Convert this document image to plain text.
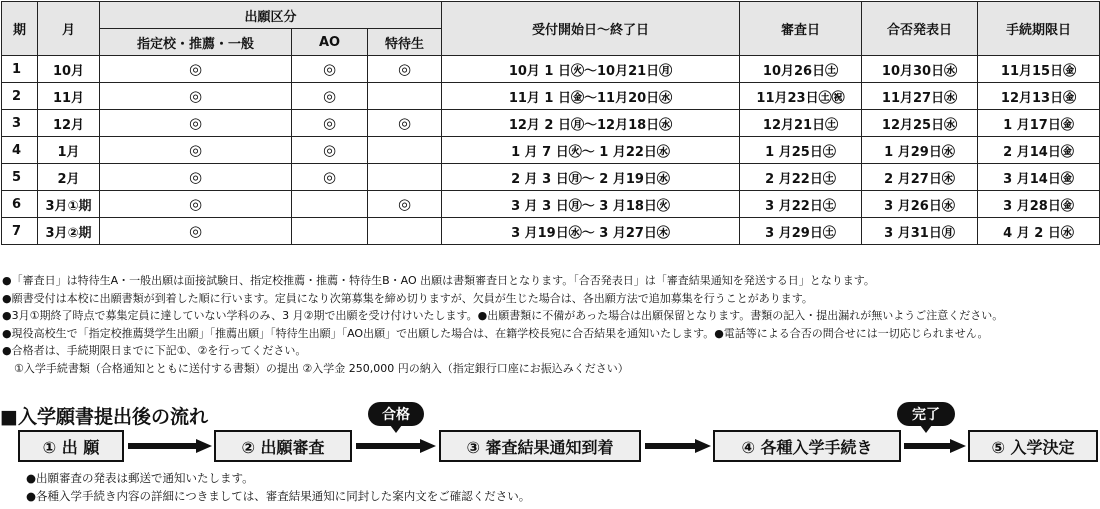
期	月	出願区分			受付開始日〜終了日	審査日	合否発表日	手続期限日
		指定校・推薦・一般	AO	特待生				
1	10月	◎	◎	◎	10月 1 日㊋〜10月21日㊊	10月26日㊏	10月30日㊌	11月15日㊎
2	11月	◎	◎		11月 1 日㊎〜11月20日㊌	11月23日㊏㊗	11月27日㊌	12月13日㊎
3	12月	◎	◎	◎	12月 2 日㊊〜12月18日㊌	12月21日㊏	12月25日㊌	1 月17日㊎
4	1月	◎	◎		1 月 7 日㊋〜 1 月22日㊌	1 月25日㊏	1 月29日㊌	2 月14日㊎
5	2月	◎	◎		2 月 3 日㊊〜 2 月19日㊌	2 月22日㊏	2 月27日㊍	3 月14日㊎
6	3月①期	◎		◎	3 月 3 日㊊〜 3 月18日㊋	3 月22日㊏	3 月26日㊌	3 月28日㊎
7	3月②期	◎			3 月19日㊌〜 3 月27日㊍	3 月29日㊏	3 月31日㊊	4 月 2 日㊌
●「審査日」は特待生A・一般出願は面接試験日、指定校推薦・推薦・特待生B・AO 出願は書類審査日となります。「合否発表日」は「審査結果通知を発送する日」となります。
●願書受付は本校に出願書類が到着した順に行います。定員になり次第募集を締め切りますが、欠員が生じた場合は、各出願方法で追加募集を行うことがあります。
●3月①期終了時点で募集定員に達していない学科のみ、3 月②期で出願を受け付けいたします。●出願書類に不備があった場合は出願保留となります。書類の記入・提出漏れが無いようご注意ください。
●現役高校生で「指定校推薦奨学生出願」「推薦出願」「特待生出願」「AO出願」で出願した場合は、在籍学校長宛に合否結果を通知いたします。●電話等による合否の問合せには一切応じられません。
●合格者は、手続期限日までに下記①、②を行ってください。
①入学手続書類（合格通知とともに送付する書類）の提出 ②入学金 250,000 円の納入（指定銀行口座にお振込みください）
■入学願書提出後の流れ
① 出 願	② 出願審査
合格
③ 審査結果通知到着	④ 各種入学手続き
完了
⑤ 入学決定
●出願審査の発表は郵送で通知いたします。
●各種入学手続き内容の詳細につきましては、審査結果通知に同封した案内文をご確認ください。
